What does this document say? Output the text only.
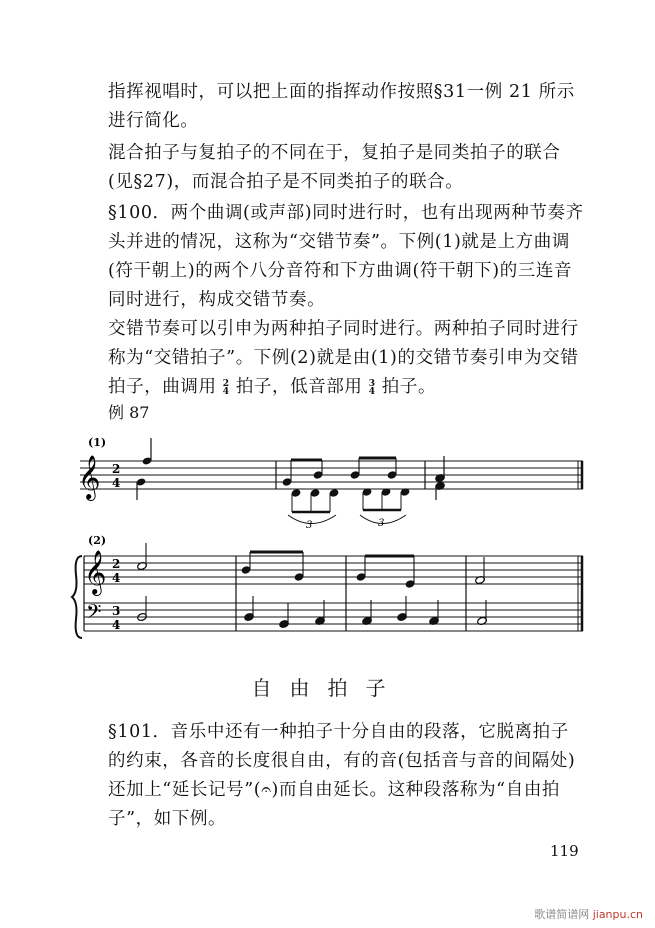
指挥视唱时，可以把上面的指挥动作按照§31一例 21 所示进行简化。

混合拍子与复拍子的不同在于，复拍子是同类拍子的联合(见§27)，而混合拍子是不同类拍子的联合。

§100．两个曲调(或声部)同时进行时，也有出现两种节奏齐头并进的情况，这称为“交错节奏”。下例(1)就是上方曲调(符干朝上)的两个八分音符和下方曲调(符干朝下)的三连音同时进行，构成交错节奏。

交错节奏可以引申为两种拍子同时进行。两种拍子同时进行称为“交错拍子”。下例(2)就是由(1)的交错节奏引申为交错拍子，曲调用 2
4 拍子，低音部用 3
4 拍子。

例 87
(1)
𝄞 2
4
3	3
(2)
𝄞 2
4
𝄢 3
4
自由拍子

§101．音乐中还有一种拍子十分自由的段落，它脱离拍子的约束，各音的长度很自由，有的音(包括音与音的间隔处)还加上“延长记号”(𝄐)而自由延长。这种段落称为“自由拍子”，如下例。

119
歌谱简谱网 jianpu.cn
